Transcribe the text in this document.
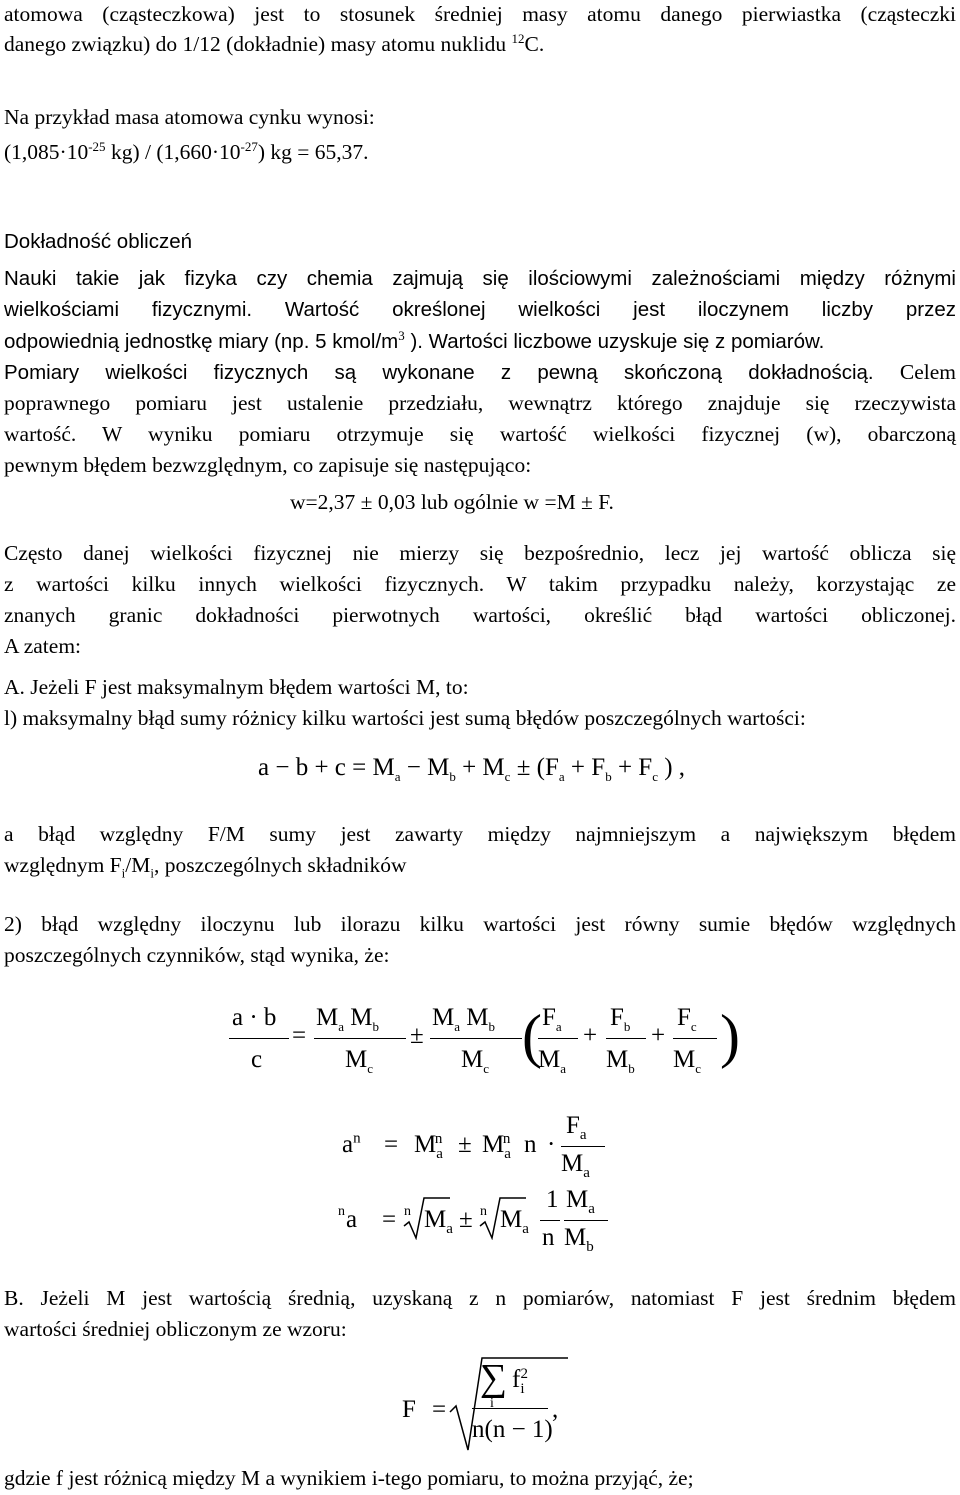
atomowa (cząsteczkowa) jest to stosunek średniej masy atomu danego pierwiastka (cząsteczki
danego związku) do 1/12 (dokładnie) masy atomu nuklidu $^{12}$C.
Na przykład masa atomowa cynku wynosi:
($1,085\cdot 10^{-25}$ $kg) / (1,660\cdot 10^{-27})$ kg = 65,37.
Dokładność obliczeń
Nauki takie jak fizyka czy chemia zajmują się ilościowymi zależnościami między różnymi
wielkościami fizycznymi. Wartość określonej wielkości jest iloczynem liczby przez
odpowiednią jednostkę miary (np. 5 kmol/$m^3$ ). Wartości liczbowe uzyskuje się z pomiarów.
Pomiary wielkości fizycznych są wykonane z pewną skończoną dokładnością. Celem
poprawnego pomiaru jest ustalenie przedziału, wewnątrz którego znajduje się rzeczywista
wartość. W wyniku pomiaru otrzymuje się wartość wielkości fizycznej (w), obarczoną
pewnym błędem bezwzględnym, co zapisuje się następująco:
w=2,37 ± 0,03 lub ogólnie w =M ± F.
Często danej wielkości fizycznej nie mierzy się bezpośrednio, lecz jej wartość oblicza się
z wartości kilku innych wielkości fizycznych. W takim przypadku należy, korzystając ze
znanych granic dokładności pierwotnych wartości, określić błąd wartości obliczonej.
A zatem:
A. Jeżeli F jest maksymalnym błędem wartości M, to:
l) maksymalny błąd sumy różnicy kilku wartości jest sumą błędów poszczególnych wartości:
$a - b + c = M_a - M_b + M_c \pm (F_a + F_b + F_c$ ) ,
a błąd względny F/M sumy jest zawarty między najmniejszym a największym błędem
względnym $F_i/M_i$, poszczególnych składników
2) błąd względny iloczynu lub ilorazu kilku wartości jest równy sumie błędów względnych
poszczególnych czynników, stąd wynika, że:
a · b
c
=
$M_a$ $M_b$
$M_c$
±
$M_a$ $M_b$
$M_c$ ( $F_a$
$M_a$
+
$F_b$
$M_b$
+
$F_c$
$M_c$ )
$a^n = M_a^n \pm M_a^n$ n ·
$F_a$
$M_a$
n a = n $M_a \pm n$ $M_a$
1
n
$M_a$
$M_b$
B. Jeżeli M jest wartością średnią, uzyskaną z n pomiarów, natomiast F jest średnim błędem
wartości średniej obliczonym ze wzoru:
F =
∑
i
$f_i^2$
n(n − 1)
,
gdzie f jest różnicą między M a wynikiem i-tego pomiaru, to można przyjąć, że;
